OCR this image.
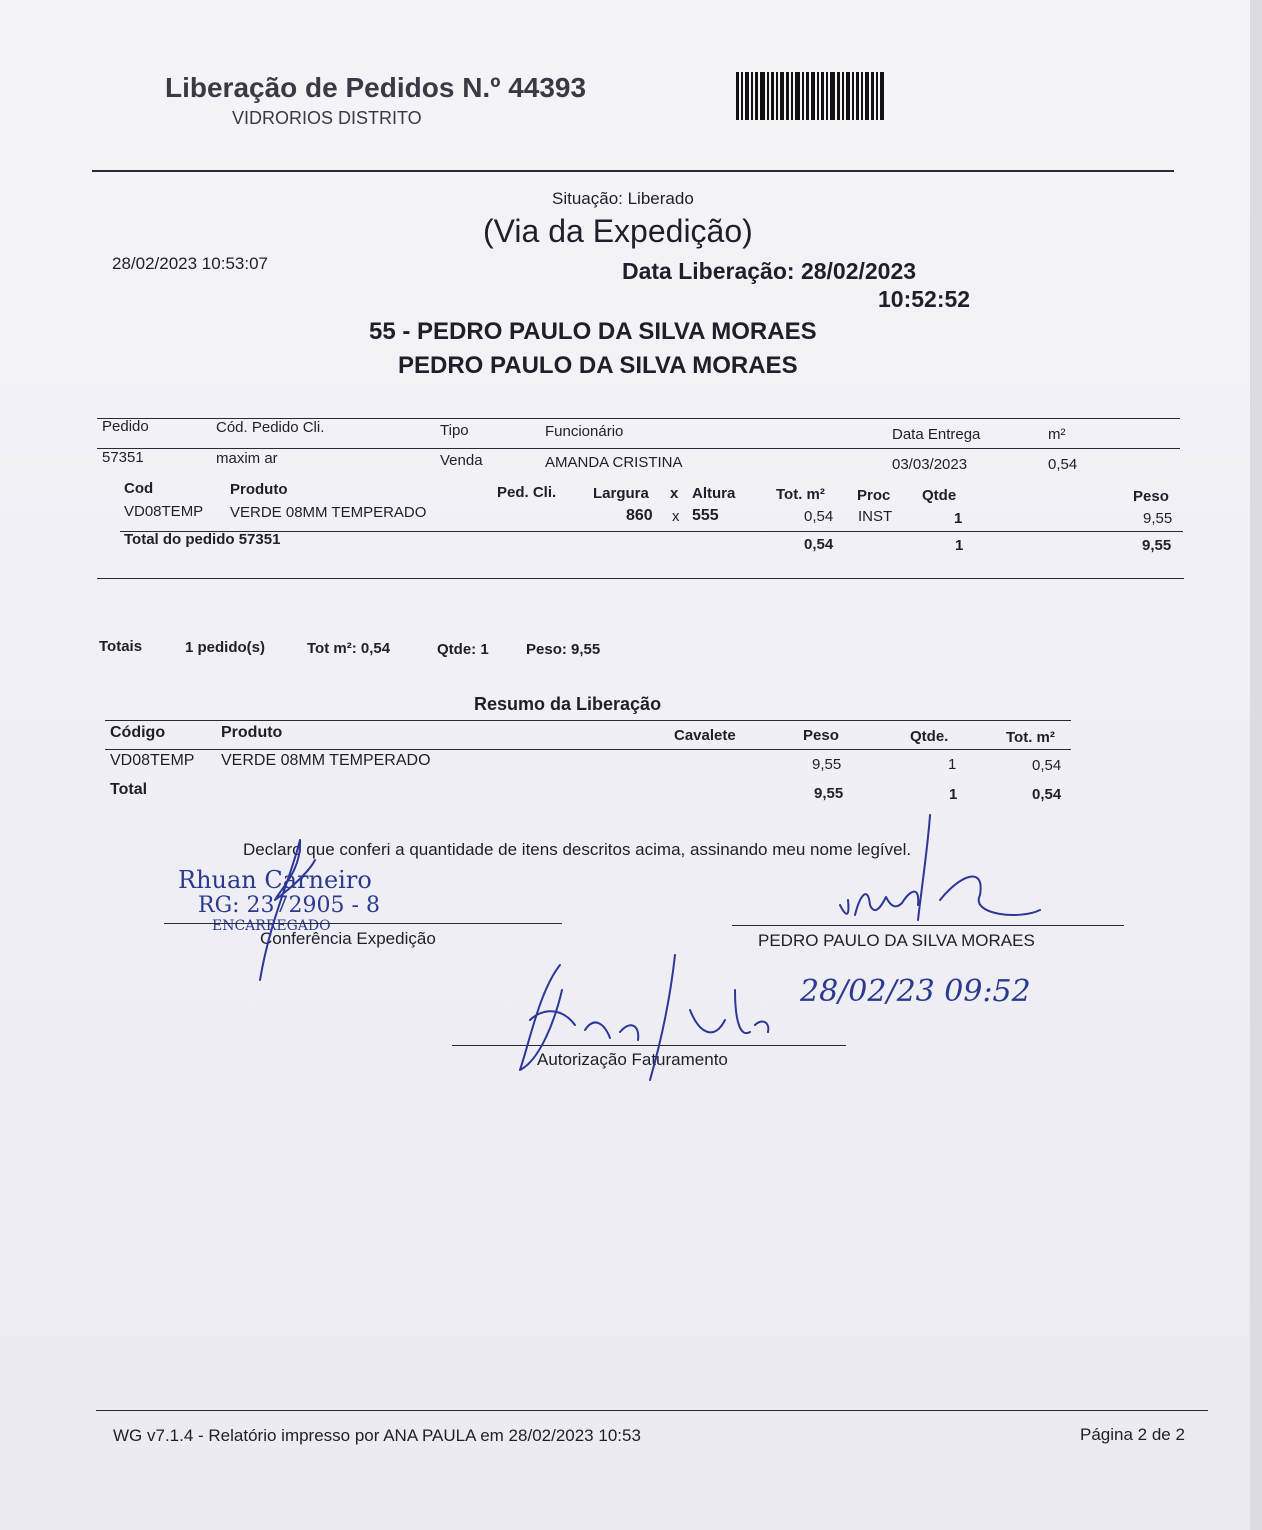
Liberação de Pedidos N.º 44393
VIDRORIOS DISTRITO
Situação: Liberado
(Via da Expedição)
28/02/2023 10:53:07	Data Liberação: 28/02/2023
10:52:52
55 - PEDRO PAULO DA SILVA MORAES
PEDRO PAULO DA SILVA MORAES
Pedido	Cód. Pedido Cli.	Tipo	Funcionário	Data Entrega	m²
57351	maxim ar	Venda	AMANDA CRISTINA	03/03/2023	0,54
Cod	Produto	Ped. Cli. Largura x Altura	Tot. m² Proc Qtde	Peso
VD08TEMP VERDE 08MM TEMPERADO	860 x 555	0,54 INST	1	9,55
Total do pedido 57351	0,54	1	9,55
Totais	1 pedido(s)	Tot m²: 0,54	Qtde: 1 Peso: 9,55
Resumo da Liberação
Código	Produto	Cavalete	Peso	Qtde.	Tot. m²
VD08TEMP VERDE 08MM TEMPERADO	9,55	1	0,54
Total	9,55	1	0,54
Declaro que conferi a quantidade de itens descritos acima, assinando meu nome legível.
Rhuan Carneiro
RG: 2372905 - 8
ENCARREGADO
Conferência Expedição	PEDRO PAULO DA SILVA MORAES
28/02/23 09:52
Autorização Faturamento
WG v7.1.4 - Relatório impresso por ANA PAULA em 28/02/2023 10:53	Página 2 de 2
